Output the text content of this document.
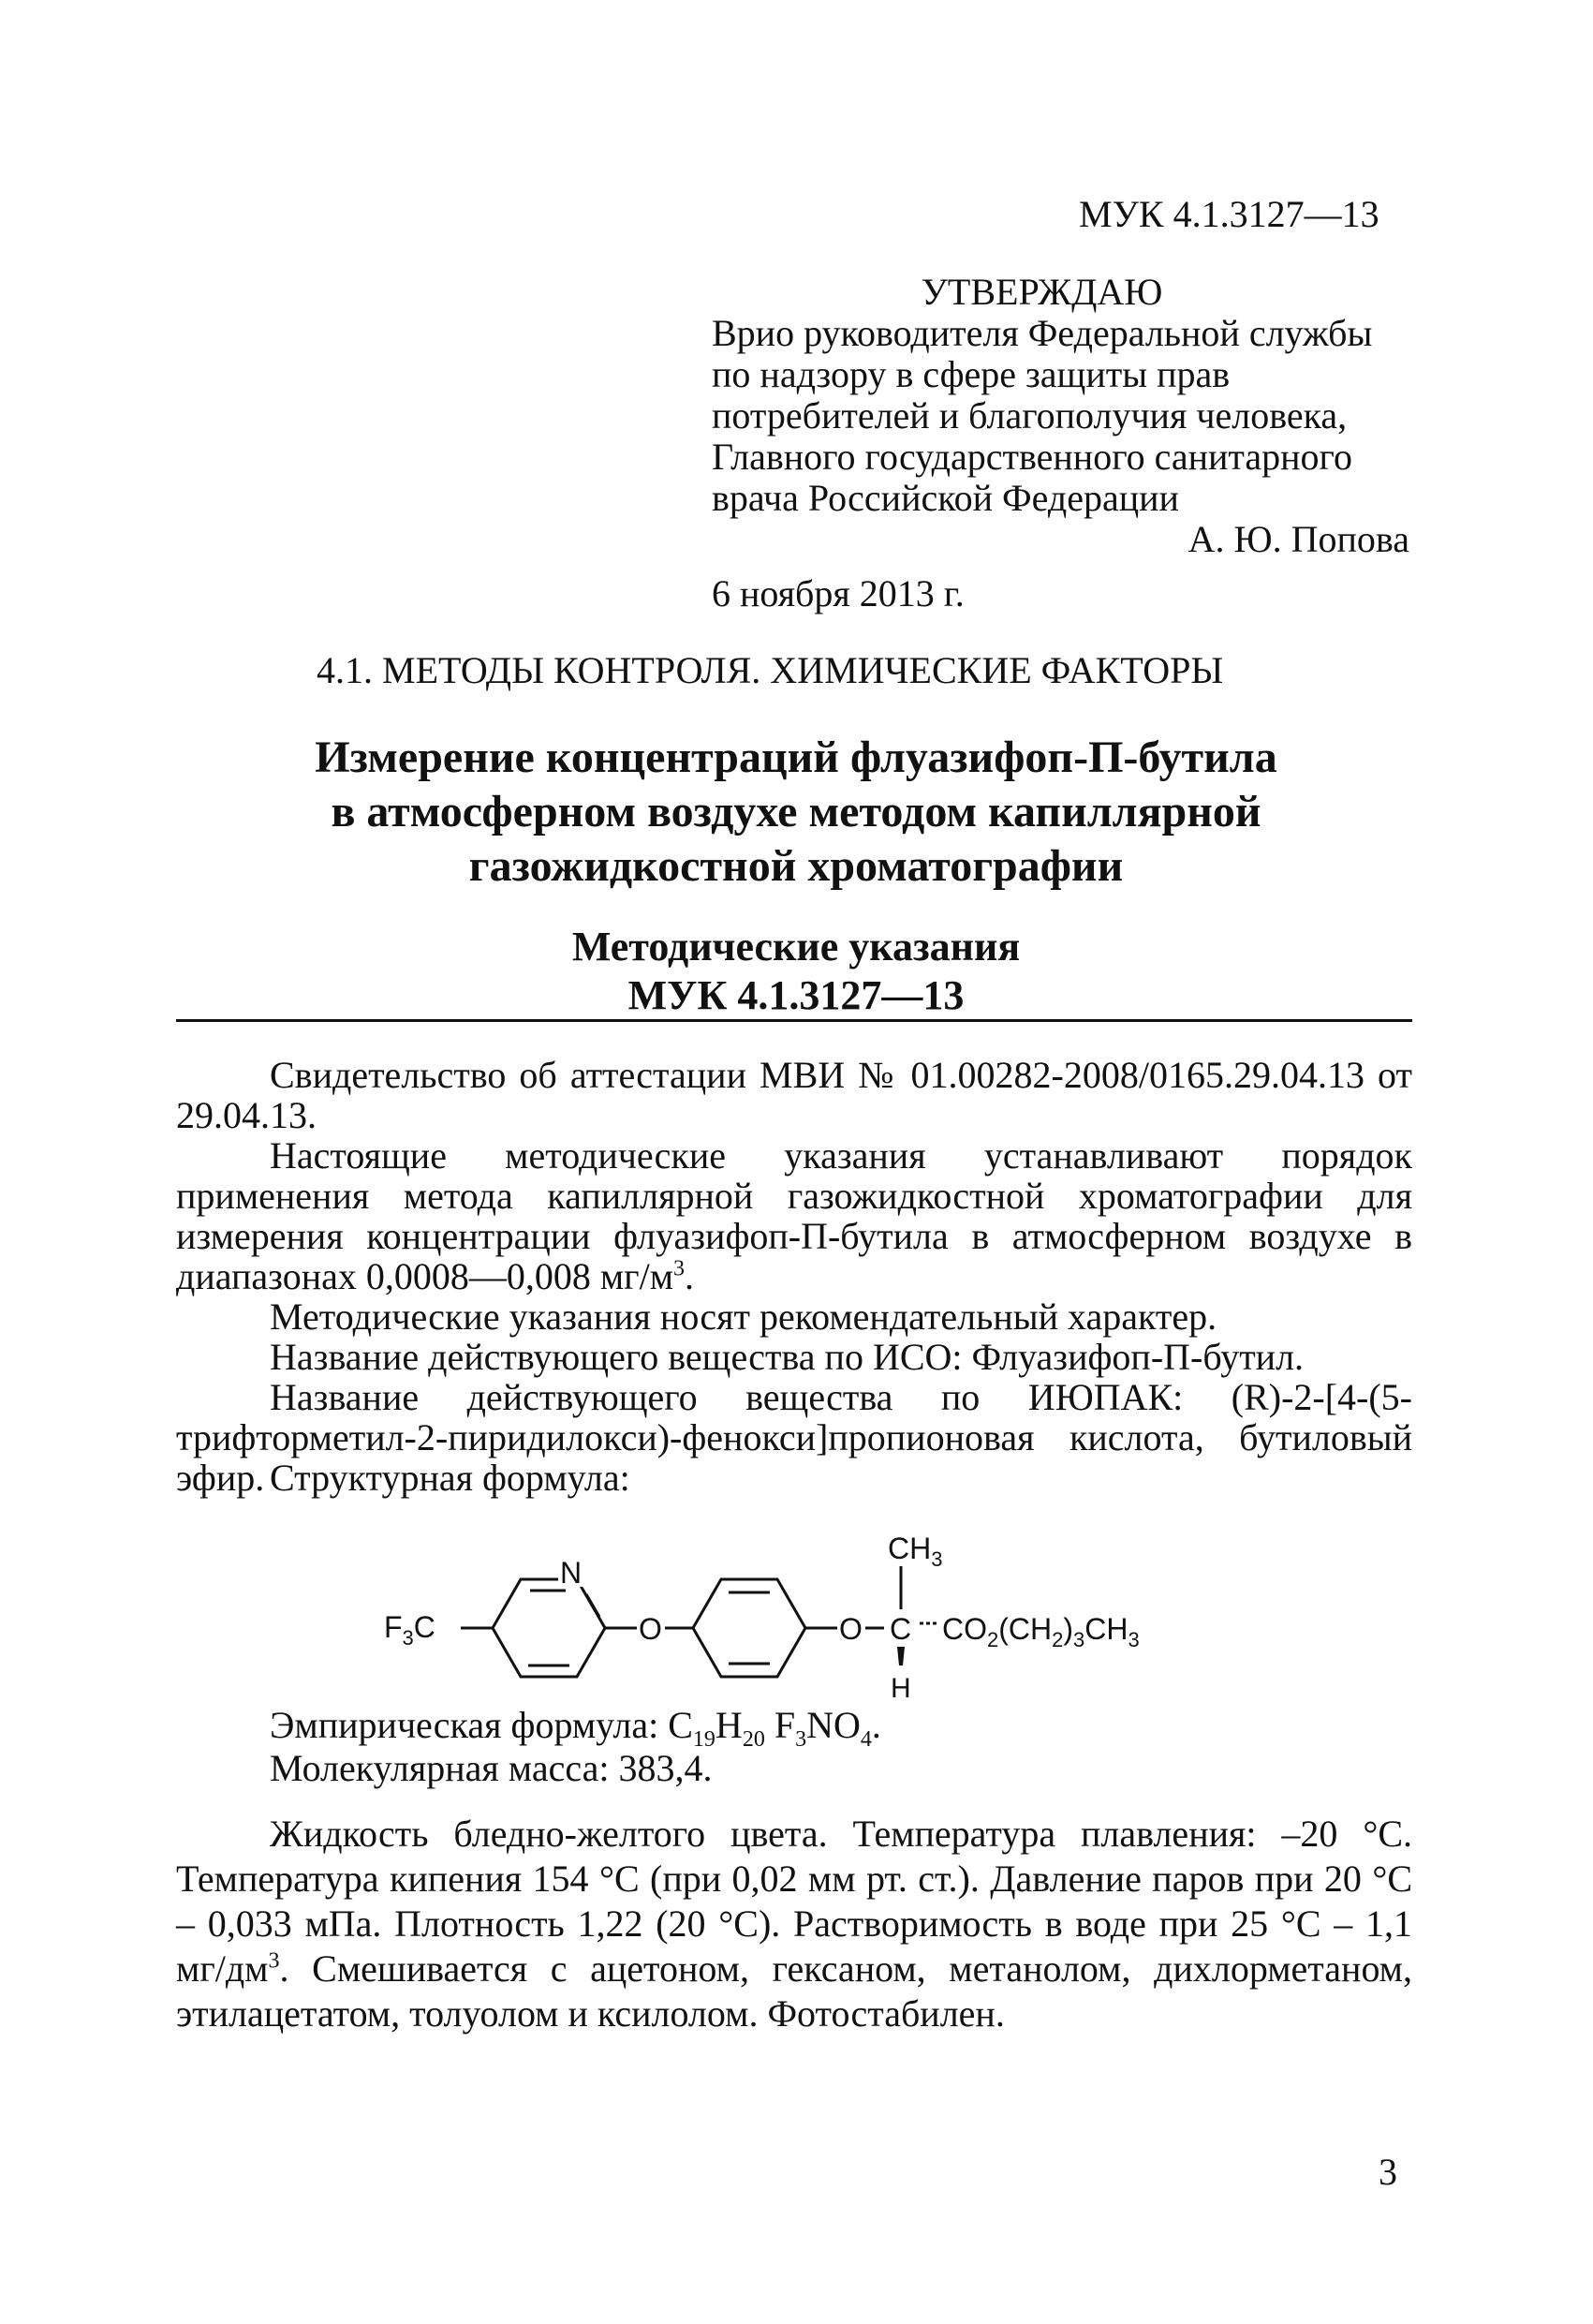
МУК 4.1.3127—13
УТВЕРЖДАЮ
Врио руководителя Федеральной службы
по надзору в сфере защиты прав
потребителей и благополучия человека,
Главного государственного санитарного
врача Российской Федерации
А. Ю. Попова
6 ноября 2013 г.
4.1. МЕТОДЫ КОНТРОЛЯ. ХИМИЧЕСКИЕ ФАКТОРЫ
Измерение концентраций флуазифоп-П-бутила
в атмосферном воздухе методом капиллярной
газожидкостной хроматографии
Методические указания
МУК 4.1.3127—13

Свидетельство об аттестации МВИ № 01.00282-2008/0165.29.04.13 от 29.04.13.

Настоящие методические указания устанавливают порядок применения метода капиллярной газожидкостной хроматографии для измерения концентрации флуазифоп-П-бутила в атмосферном воздухе в диапазонах 0,0008—0,008 $мг/м^3$.

Методические указания носят рекомендательный характер.

Название действующего вещества по ИСО: Флуазифоп-П-бутил.

Название действующего вещества по ИЮПАК: (R)-2-[4-(5-трифторметил-2-пиридилокси)-фенокси]пропионовая кислота, бутиловый эфир. Структурная формула:

$F_3C$
N
O	O C
$CH_3$
H
$CO_2(CH_2)_3CH_3$

Эмпирическая формула: $C_{19}H_{20}$ $F_3NO_4$.

Молекулярная масса: 383,4.

Жидкость бледно-желтого цвета. Температура плавления: –20 °С. Температура кипения 154 °С (при 0,02 мм рт. ст.). Давление паров при 20 °С – 0,033 мПа. Плотность 1,22 (20 °С). Растворимость в воде при 25 °С – 1,1 $мг/дм^3$. Смешивается с ацетоном, гексаном, метанолом, дихлорметаном, этилацетатом, толуолом и ксилолом. Фотостабилен.

3
